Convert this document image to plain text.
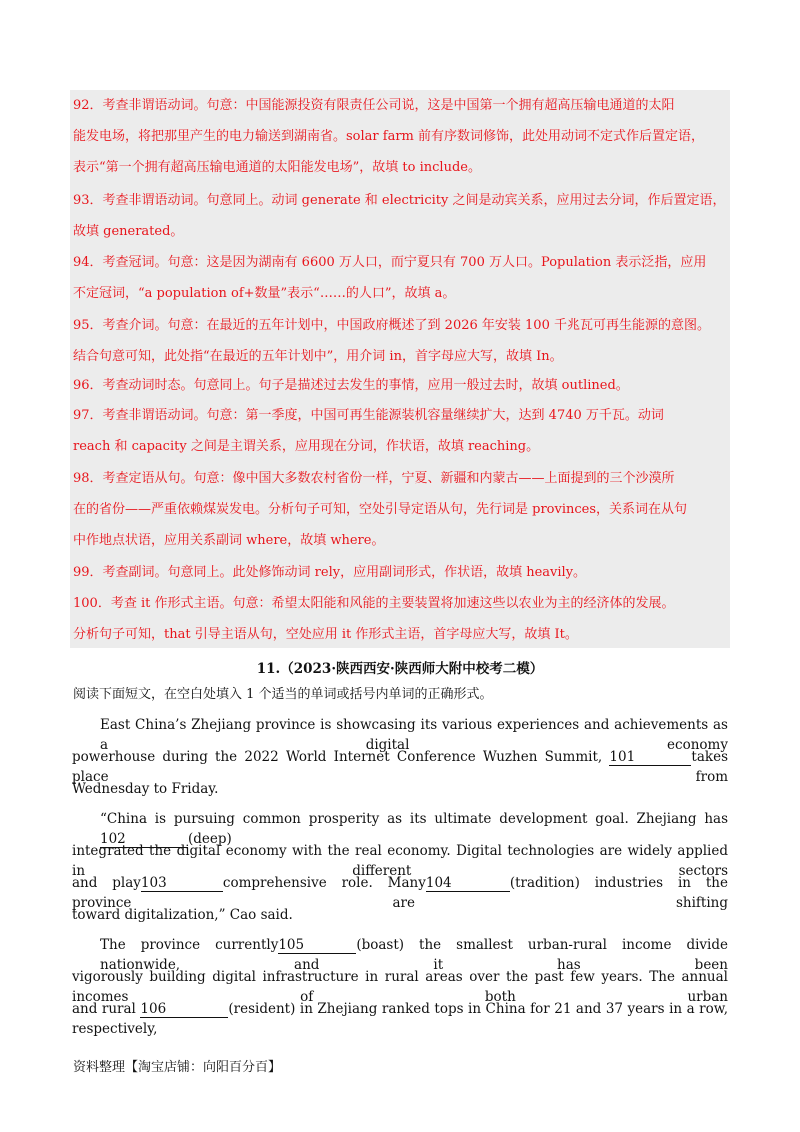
92．考查非谓语动词。句意：中国能源投资有限责任公司说，这是中国第一个拥有超高压输电通道的太阳
能发电场，将把那里产生的电力输送到湖南省。solar farm 前有序数词修饰，此处用动词不定式作后置定语，
表示“第一个拥有超高压输电通道的太阳能发电场”，故填 to include。
93．考查非谓语动词。句意同上。动词 generate 和 electricity 之间是动宾关系，应用过去分词，作后置定语，
故填 generated。
94．考查冠词。句意：这是因为湖南有 6600 万人口，而宁夏只有 700 万人口。Population 表示泛指，应用
不定冠词，“a population of+数量”表示“……的人口”，故填 a。
95．考查介词。句意：在最近的五年计划中，中国政府概述了到 2026 年安装 100 千兆瓦可再生能源的意图。
结合句意可知，此处指“在最近的五年计划中”，用介词 in，首字母应大写，故填 In。
96．考查动词时态。句意同上。句子是描述过去发生的事情，应用一般过去时，故填 outlined。
97．考查非谓语动词。句意：第一季度，中国可再生能源装机容量继续扩大，达到 4740 万千瓦。动词
reach 和 capacity 之间是主谓关系，应用现在分词，作状语，故填 reaching。
98．考查定语从句。句意：像中国大多数农村省份一样，宁夏、新疆和内蒙古——上面提到的三个沙漠所
在的省份——严重依赖煤炭发电。分析句子可知，空处引导定语从句，先行词是 provinces，关系词在从句
中作地点状语，应用关系副词 where，故填 where。
99．考查副词。句意同上。此处修饰动词 rely，应用副词形式，作状语，故填 heavily。
100．考查 it 作形式主语。句意：希望太阳能和风能的主要装置将加速这些以农业为主的经济体的发展。
分析句子可知，that 引导主语从句，空处应用 it 作形式主语，首字母应大写，故填 It。
11.（2023·陕西西安·陕西师大附中校考二模）
阅读下面短文，在空白处填入 1 个适当的单词或括号内单词的正确形式。
East China’s Zhejiang province is showcasing its various experiences and achievements as a digital economy
powerhouse during the 2022 World Internet Conference Wuzhen Summit, 101	takes place from
Wednesday to Friday.
“China is pursuing common prosperity as its ultimate development goal. Zhejiang has102	(deep)
integrated the digital economy with the real economy. Digital technologies are widely applied in different sectors
and play103	comprehensive role. Many104	(tradition) industries in the province are shifting
toward digitalization,” Cao said.
The province currently105	(boast) the smallest urban-rural income divide nationwide, and it has been
vigorously building digital infrastructure in rural areas over the past few years. The annual incomes of both urban
and rural 106	(resident) in Zhejiang ranked tops in China for 21 and 37 years in a row, respectively,
资料整理【淘宝店铺：向阳百分百】
